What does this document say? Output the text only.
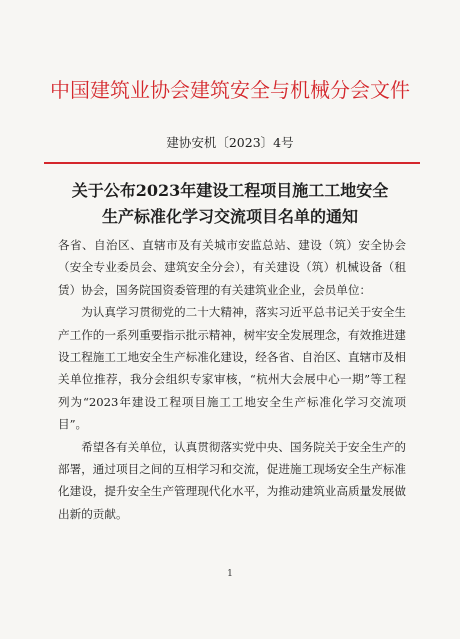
中国建筑业协会建筑安全与机械分会文件
建协安机〔2023〕4号
关于公布2023年建设工程项目施工工地安全
生产标准化学习交流项目名单的通知

各省、自治区、直辖市及有关城市安监总站、建设（筑）安全协会（安全专业委员会、建筑安全分会），有关建设（筑）机械设备（租赁）协会，国务院国资委管理的有关建筑业企业，会员单位：

为认真学习贯彻党的二十大精神，落实习近平总书记关于安全生产工作的一系列重要指示批示精神，树牢安全发展理念，有效推进建设工程施工工地安全生产标准化建设，经各省、自治区、直辖市及相关单位推荐，我分会组织专家审核，“杭州大会展中心一期”等工程列为“2023年建设工程项目施工工地安全生产标准化学习交流项目”。

希望各有关单位，认真贯彻落实党中央、国务院关于安全生产的部署，通过项目之间的互相学习和交流，促进施工现场安全生产标准化建设，提升安全生产管理现代化水平，为推动建筑业高质量发展做出新的贡献。

1
